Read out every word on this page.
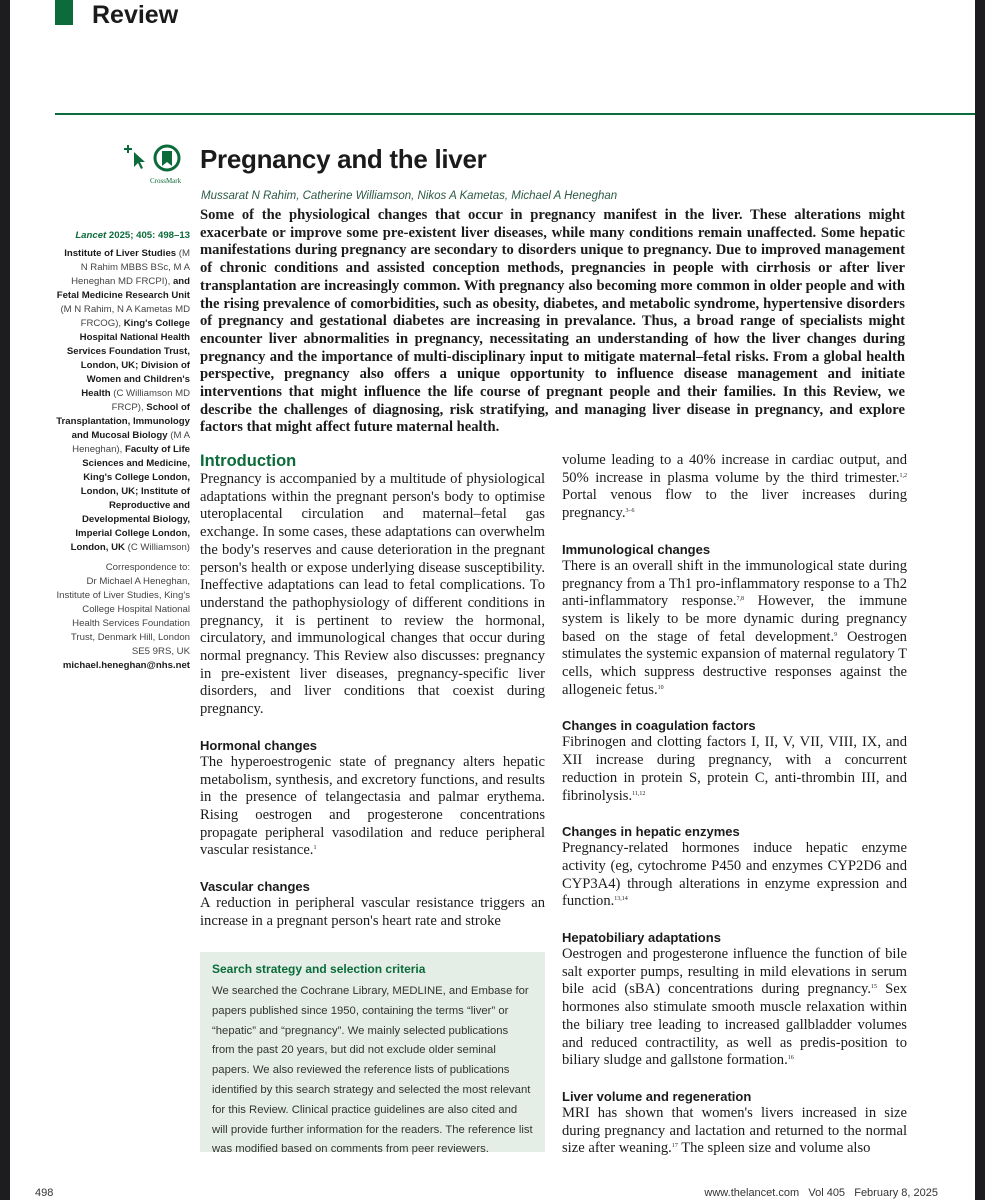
Review
CrossMark
Pregnancy and the liver
Mussarat N Rahim, Catherine Williamson, Nikos A Kametas, Michael A Heneghan
Lancet 2025; 405: 498–13
Institute of Liver Studies (M N Rahim MBBS BSc, M A Heneghan MD FRCPI), and Fetal Medicine Research Unit (M N Rahim, N A Kametas MD FRCOG), King's College Hospital National Health Services Foundation Trust, London, UK; Division of Women and Children's Health (C Williamson MD FRCP), School of Transplantation, Immunology and Mucosal Biology (M A Heneghan), Faculty of Life Sciences and Medicine, King's College London, London, UK; Institute of Reproductive and Developmental Biology, Imperial College London, London, UK (C Williamson)
Correspondence to:
Dr Michael A Heneghan, Institute of Liver Studies, King's College Hospital National Health Services Foundation Trust, Denmark Hill, London SE5 9RS, UK
michael.heneghan@nhs.net
Some of the physiological changes that occur in pregnancy manifest in the liver. These alterations might exacerbate or improve some pre-existent liver diseases, while many conditions remain unaffected. Some hepatic manifestations during pregnancy are secondary to disorders unique to pregnancy. Due to improved management of chronic conditions and assisted conception methods, pregnancies in people with cirrhosis or after liver transplantation are increasingly common. With pregnancy also becoming more common in older people and with the rising prevalence of comorbidities, such as obesity, diabetes, and metabolic syndrome, hypertensive disorders of pregnancy and gestational diabetes are increasing in prevalance. Thus, a broad range of specialists might encounter liver abnormalities in pregnancy, necessitating an understanding of how the liver changes during pregnancy and the importance of multi-disciplinary input to mitigate maternal–fetal risks. From a global health perspective, pregnancy also offers a unique opportunity to influence disease management and initiate interventions that might influence the life course of pregnant people and their families. In this Review, we describe the challenges of diagnosing, risk stratifying, and managing liver disease in pregnancy, and explore factors that might affect future maternal health.
Introduction

Pregnancy is accompanied by a multitude of physiological adaptations within the pregnant person's body to optimise uteroplacental circulation and maternal–fetal gas exchange. In some cases, these adaptations can overwhelm the body's reserves and cause deterioration in the pregnant person's health or expose underlying disease susceptibility. Ineffective adaptations can lead to fetal complications. To understand the pathophysiology of different conditions in pregnancy, it is pertinent to review the hormonal, circulatory, and immunological changes that occur during normal pregnancy. This Review also discusses: pregnancy in pre-existent liver diseases, pregnancy-specific liver disorders, and liver conditions that coexist during pregnancy.

Hormonal changes

The hyperoestrogenic state of pregnancy alters hepatic metabolism, synthesis, and excretory functions, and results in the presence of telangectasia and palmar erythema. Rising oestrogen and progesterone concentrations propagate peripheral vasodilation and reduce peripheral vascular resistance.$^1$

Vascular changes

A reduction in peripheral vascular resistance triggers an increase in a pregnant person's heart rate and stroke

Search strategy and selection criteria
We searched the Cochrane Library, MEDLINE, and Embase for papers published since 1950, containing the terms “liver” or “hepatic” and “pregnancy”. We mainly selected publications from the past 20 years, but did not exclude older seminal papers. We also reviewed the reference lists of publications identified by this search strategy and selected the most relevant for this Review. Clinical practice guidelines are also cited and will provide further information for the readers. The reference list was modified based on comments from peer reviewers.

volume leading to a 40% increase in cardiac output, and 50% increase in plasma volume by the third trimester.$^{1,2}$ Portal venous flow to the liver increases during pregnancy.$^{3-6}$

Immunological changes

There is an overall shift in the immunological state during pregnancy from a Th1 pro-inflammatory response to a Th2 anti-inflammatory response.$^{7,8}$ However, the immune system is likely to be more dynamic during pregnancy based on the stage of fetal development.$^9$ Oestrogen stimulates the systemic expansion of maternal regulatory T cells, which suppress destructive responses against the allogeneic fetus.$^{10}$

Changes in coagulation factors

Fibrinogen and clotting factors I, II, V, VII, VIII, IX, and XII increase during pregnancy, with a concurrent reduction in protein S, protein C, anti-thrombin III, and fibrinolysis.$^{11,12}$

Changes in hepatic enzymes

Pregnancy-related hormones induce hepatic enzyme activity (eg, cytochrome P450 and enzymes CYP2D6 and CYP3A4) through alterations in enzyme expression and function.$^{13,14}$

Hepatobiliary adaptations

Oestrogen and progesterone influence the function of bile salt exporter pumps, resulting in mild elevations in serum bile acid (sBA) concentrations during pregnancy.$^{15}$ Sex hormones also stimulate smooth muscle relaxation within the biliary tree leading to increased gallbladder volumes and reduced contractility, as well as predis-position to biliary sludge and gallstone formation.$^{16}$

Liver volume and regeneration

MRI has shown that women's livers increased in size during pregnancy and lactation and returned to the normal size after weaning.$^{17}$ The spleen size and volume also

498	www.thelancet.com   Vol 405   February 8, 2025
